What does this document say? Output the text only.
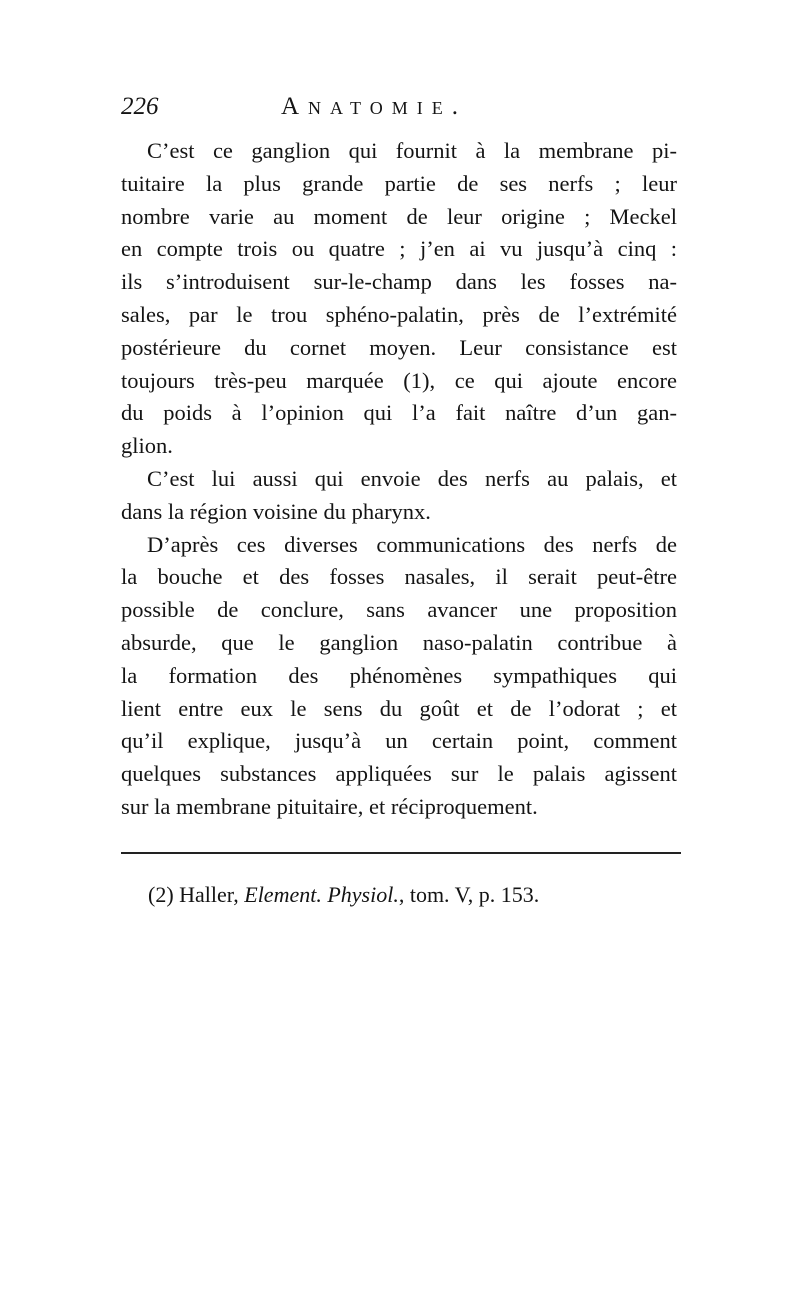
226	Anatomie.

C’est ce ganglion qui fournit à la membrane pi-
tuitaire la plus grande partie de ses nerfs ; leur
nombre varie au moment de leur origine ; Meckel
en compte trois ou quatre ; j’en ai vu jusqu’à cinq :
ils s’introduisent sur-le-champ dans les fosses na-
sales, par le trou sphéno-palatin, près de l’extrémité
postérieure du cornet moyen. Leur consistance est
toujours très-peu marquée (1), ce qui ajoute encore
du poids à l’opinion qui l’a fait naître d’un gan-
glion.

C’est lui aussi qui envoie des nerfs au palais, et
dans la région voisine du pharynx.

D’après ces diverses communications des nerfs de
la bouche et des fosses nasales, il serait peut-être
possible de conclure, sans avancer une proposition
absurde, que le ganglion naso-palatin contribue à
la formation des phénomènes sympathiques qui
lient entre eux le sens du goût et de l’odorat ; et
qu’il explique, jusqu’à un certain point, comment
quelques substances appliquées sur le palais agissent
sur la membrane pituitaire, et réciproquement.

(2) Haller, Element. Physiol., tom. V, p. 153.
